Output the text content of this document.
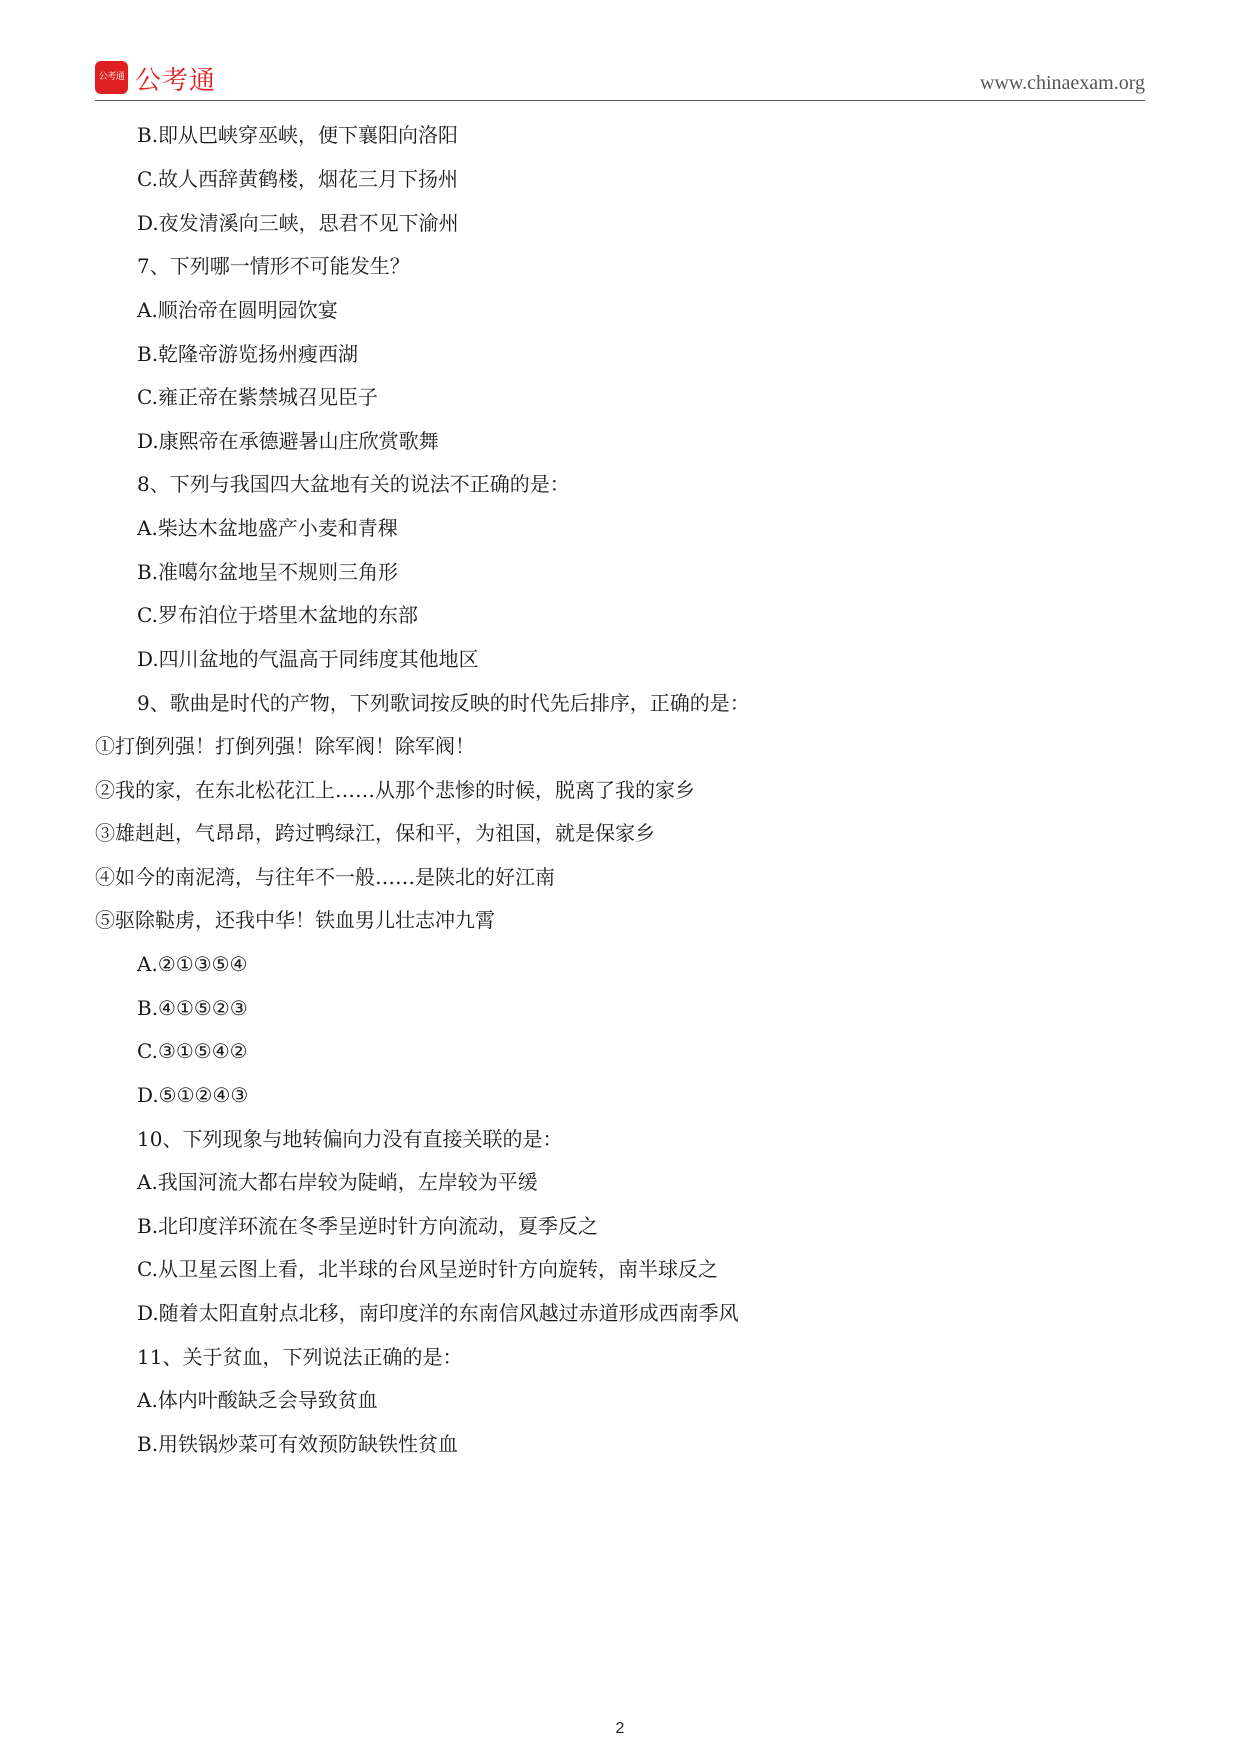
公考通 公考通	www.chinaexam.org
B.即从巴峡穿巫峡，便下襄阳向洛阳
C.故人西辞黄鹤楼，烟花三月下扬州
D.夜发清溪向三峡，思君不见下渝州
7、下列哪一情形不可能发生？
A.顺治帝在圆明园饮宴
B.乾隆帝游览扬州瘦西湖
C.雍正帝在紫禁城召见臣子
D.康熙帝在承德避暑山庄欣赏歌舞
8、下列与我国四大盆地有关的说法不正确的是：
A.柴达木盆地盛产小麦和青稞
B.准噶尔盆地呈不规则三角形
C.罗布泊位于塔里木盆地的东部
D.四川盆地的气温高于同纬度其他地区
9、歌曲是时代的产物，下列歌词按反映的时代先后排序，正确的是：
①打倒列强！打倒列强！除军阀！除军阀！
②我的家，在东北松花江上……从那个悲惨的时候，脱离了我的家乡
③雄赳赳，气昂昂，跨过鸭绿江，保和平，为祖国，就是保家乡
④如今的南泥湾，与往年不一般……是陕北的好江南
⑤驱除鞑虏，还我中华！铁血男儿壮志冲九霄
A.②①③⑤④
B.④①⑤②③
C.③①⑤④②
D.⑤①②④③
10、下列现象与地转偏向力没有直接关联的是：
A.我国河流大都右岸较为陡峭，左岸较为平缓
B.北印度洋环流在冬季呈逆时针方向流动，夏季反之
C.从卫星云图上看，北半球的台风呈逆时针方向旋转，南半球反之
D.随着太阳直射点北移，南印度洋的东南信风越过赤道形成西南季风
11、关于贫血，下列说法正确的是：
A.体内叶酸缺乏会导致贫血
B.用铁锅炒菜可有效预防缺铁性贫血
2
